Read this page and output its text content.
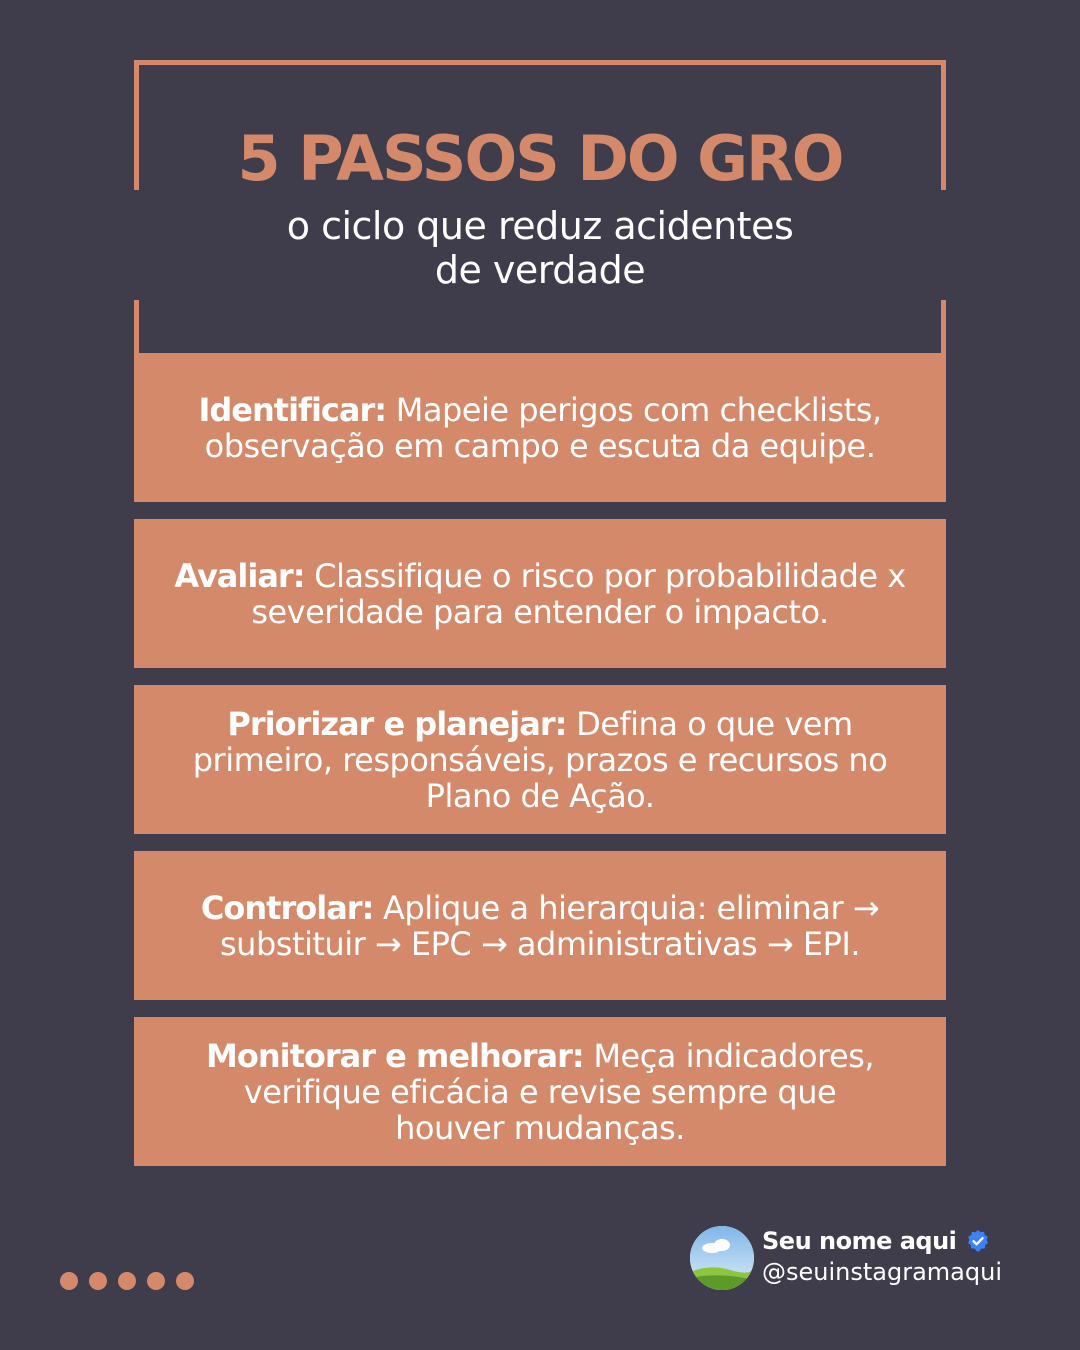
5 PASSOS DO GRO
o ciclo que reduz acidentes
de verdade

Identificar: Mapeie perigos com checklists, observação em campo e escuta da equipe.

Avaliar: Classifique o risco por probabilidade x severidade para entender o impacto.

Priorizar e planejar: Defina o que vem primeiro, responsáveis, prazos e recursos no Plano de Ação.

Controlar: Aplique a hierarquia: eliminar → substituir → EPC → administrativas → EPI.

Monitorar e melhorar: Meça indicadores, verifique eficácia e revise sempre que houver mudanças.

Seu nome aqui
@seuinstagramaqui
